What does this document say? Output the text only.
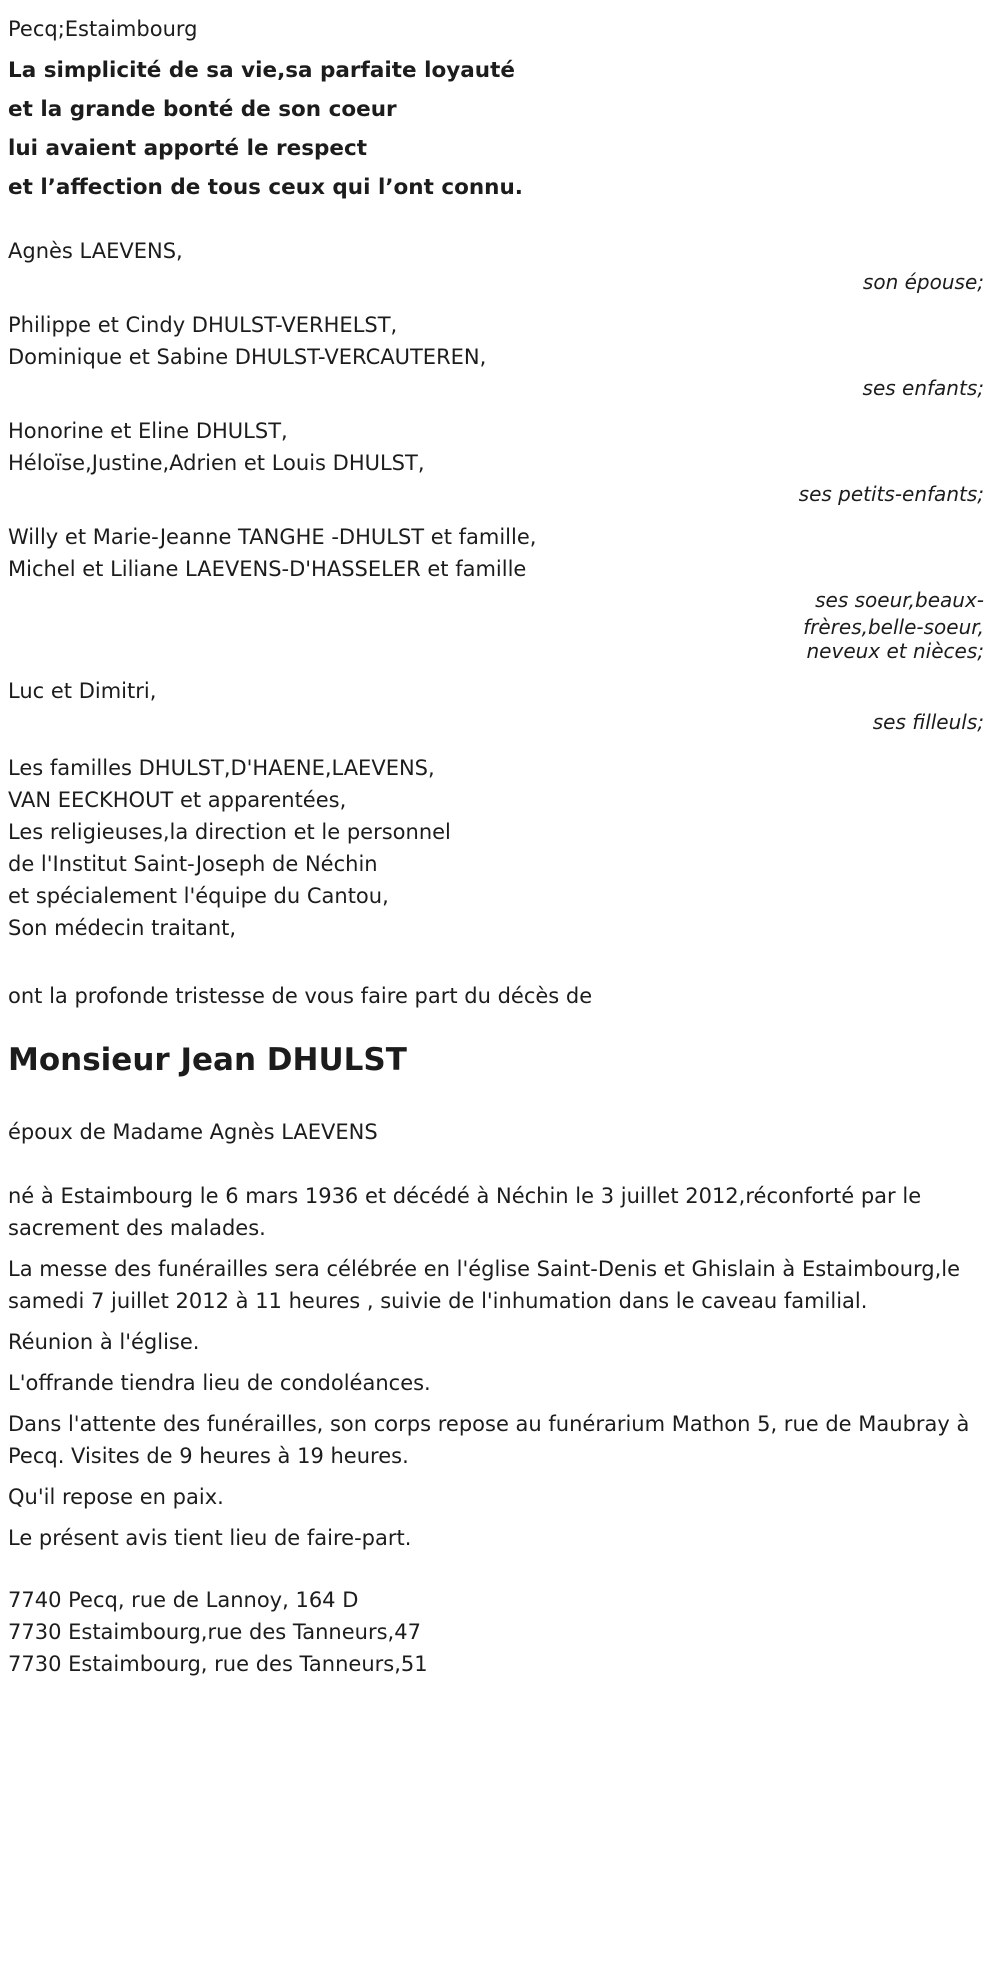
Pecq;Estaimbourg

La simplicité de sa vie,sa parfaite loyauté

et la grande bonté de son coeur

lui avaient apporté le respect

et l’affection de tous ceux qui l’ont connu.

Agnès LAEVENS,

son épouse;

Philippe et Cindy DHULST-VERHELST,

Dominique et Sabine DHULST-VERCAUTEREN,

ses enfants;

Honorine et Eline DHULST,

Héloïse,Justine,Adrien et Louis DHULST,

ses petits-enfants;

Willy et Marie-Jeanne TANGHE -DHULST et famille,

Michel et Liliane LAEVENS-D'HASSELER et famille

ses soeur,beaux-

frères,belle-soeur,

neveux et nièces;

Luc et Dimitri,

ses filleuls;

Les familles DHULST,D'HAENE,LAEVENS,

VAN EECKHOUT et apparentées,

Les religieuses,la direction et le personnel

de l'Institut Saint-Joseph de Néchin

et spécialement l'équipe du Cantou,

Son médecin traitant,

ont la profonde tristesse de vous faire part du décès de

Monsieur Jean DHULST

époux de Madame Agnès LAEVENS

né à Estaimbourg le 6 mars 1936 et décédé à Néchin le 3 juillet 2012,réconforté par le sacrement des malades.

La messe des funérailles sera célébrée en l'église Saint-Denis et Ghislain à Estaimbourg,le samedi 7 juillet 2012 à 11 heures , suivie de l'inhumation dans le caveau familial.

Réunion à l'église.

L'offrande tiendra lieu de condoléances.

Dans l'attente des funérailles, son corps repose au funérarium Mathon 5, rue de Maubray à Pecq. Visites de 9 heures à 19 heures.

Qu'il repose en paix.

Le présent avis tient lieu de faire-part.

7740 Pecq, rue de Lannoy, 164 D

7730 Estaimbourg,rue des Tanneurs,47

7730 Estaimbourg, rue des Tanneurs,51
